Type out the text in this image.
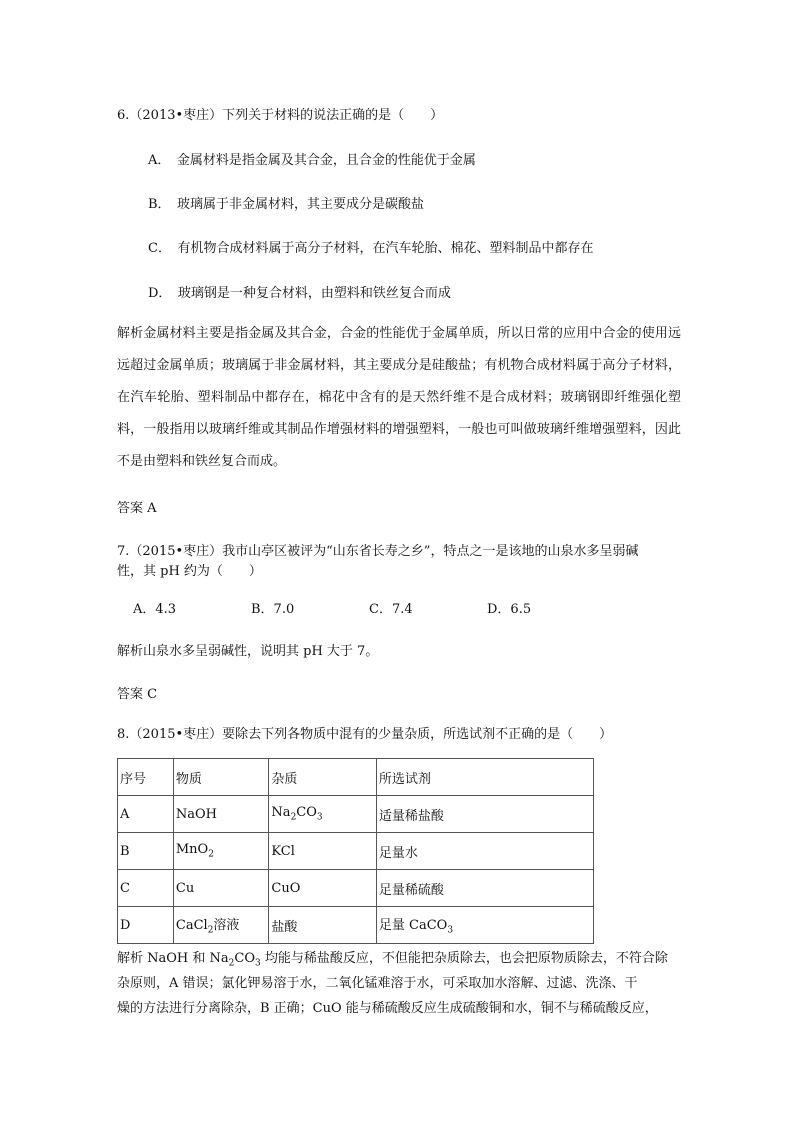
6.（2013•枣庄）下列关于材料的说法正确的是（　　）
A．　金属材料是指金属及其合金，且合金的性能优于金属
B．　玻璃属于非金属材料，其主要成分是碳酸盐
C．　有机物合成材料属于高分子材料，在汽车轮胎、棉花、塑料制品中都存在
D．　玻璃钢是一种复合材料，由塑料和铁丝复合而成
解析金属材料主要是指金属及其合金，合金的性能优于金属单质，所以日常的应用中合金的使用远远超过金属单质；玻璃属于非金属材料，其主要成分是硅酸盐；有机物合成材料属于高分子材料，在汽车轮胎、塑料制品中都存在，棉花中含有的是天然纤维不是合成材料；玻璃钢即纤维强化塑料，一般指用以玻璃纤维或其制品作增强材料的增强塑料，一般也可叫做玻璃纤维增强塑料，因此不是由塑料和铁丝复合而成。
答案 A
7.（2015•枣庄）我市山亭区被评为“山东省长寿之乡”，特点之一是该地的山泉水多呈弱碱
性，其 pH 约为（　　）
A．4.3	B．7.0	C．7.4	D．6.5
解析山泉水多呈弱碱性，说明其 pH 大于 7。
答案 C
8.（2015•枣庄）要除去下列各物质中混有的少量杂质，所选试剂不正确的是（　　）
序号	物质	杂质	所选试剂
A	NaOH	$Na_2CO_3$	适量稀盐酸
B	MnO$_2$	KCl	足量水
C	Cu	CuO	足量稀硫酸
D	CaCl$_2$溶液	盐酸	足量 CaCO$_3$
解析 NaOH 和 $Na_2CO_3$ 均能与稀盐酸反应，不但能把杂质除去，也会把原物质除去，不符合除
杂原则，A 错误；氯化钾易溶于水，二氧化锰难溶于水，可采取加水溶解、过滤、洗涤、干
燥的方法进行分离除杂，B 正确；CuO 能与稀硫酸反应生成硫酸铜和水，铜不与稀硫酸反应，
